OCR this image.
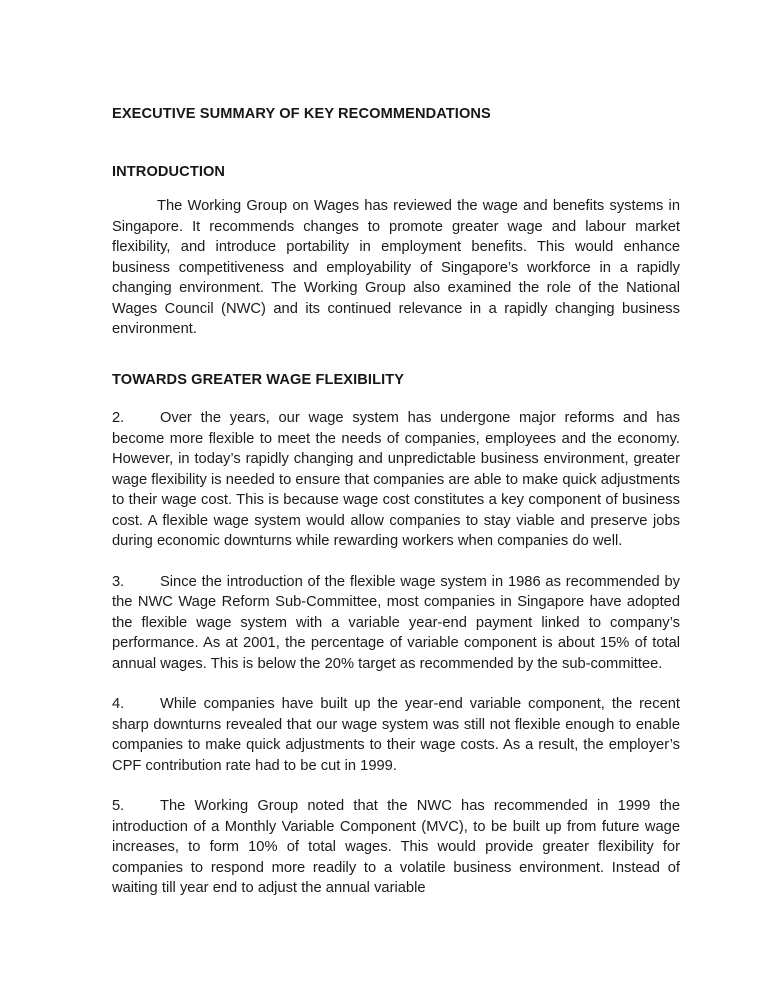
EXECUTIVE SUMMARY OF KEY RECOMMENDATIONS
INTRODUCTION

The Working Group on Wages has reviewed the wage and benefits systems in Singapore. It recommends changes to promote greater wage and labour market flexibility, and introduce portability in employment benefits. This would enhance business competitiveness and employability of Singapore’s workforce in a rapidly changing environment. The Working Group also examined the role of the National Wages Council (NWC) and its continued relevance in a rapidly changing business environment.

TOWARDS GREATER WAGE FLEXIBILITY

2. Over the years, our wage system has undergone major reforms and has become more flexible to meet the needs of companies, employees and the economy. However, in today’s rapidly changing and unpredictable business environment, greater wage flexibility is needed to ensure that companies are able to make quick adjustments to their wage cost. This is because wage cost constitutes a key component of business cost. A flexible wage system would allow companies to stay viable and preserve jobs during economic downturns while rewarding workers when companies do well.

3. Since the introduction of the flexible wage system in 1986 as recommended by the NWC Wage Reform Sub-Committee, most companies in Singapore have adopted the flexible wage system with a variable year-end payment linked to company’s performance. As at 2001, the percentage of variable component is about 15% of total annual wages. This is below the 20% target as recommended by the sub-committee.

4. While companies have built up the year-end variable component, the recent sharp downturns revealed that our wage system was still not flexible enough to enable companies to make quick adjustments to their wage costs. As a result, the employer’s CPF contribution rate had to be cut in 1999.

5. The Working Group noted that the NWC has recommended in 1999 the introduction of a Monthly Variable Component (MVC), to be built up from future wage increases, to form 10% of total wages. This would provide greater flexibility for companies to respond more readily to a volatile business environment. Instead of waiting till year end to adjust the annual variable
